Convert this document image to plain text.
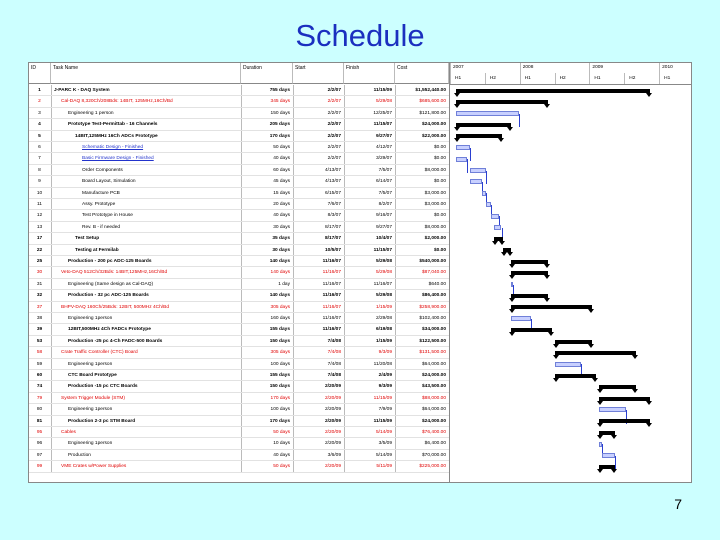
Schedule
ID	Task Name	Duration	Start	Finish	Cost
1	J-PARC K - DAQ System	755 days	2/2/07	11/15/09	$1,552,440.00
2	Cal-DAQ 8,320Ch/208Bds: 14BIT, 125MHz,16Ch/Bd	345 days	2/2/07	5/29/08	$685,600.00
3	Engineering 1 person	150 days	2/2/07	12/25/07	$121,800.00
4	Prototype Test-Permittab - 16 Channels	205 days	2/2/07	11/15/07	$24,000.00
5	14BIT,125MHz 16Ch ADCs Prototype	170 days	2/2/07	9/27/07	$22,000.00
6	Schematic Design - Finished	50 days	2/2/07	4/12/07	$0.00
7	Basic Firmware Design - Finished	40 days	2/2/07	3/29/07	$0.00
8	Order Components	60 days	4/13/07	7/5/07	$8,000.00
9	Board Layout, Simulation	45 days	4/13/07	6/14/07	$0.00
10	Manufacture PCB	15 days	6/15/07	7/5/07	$3,000.00
11	Assy. Prototype	20 days	7/6/07	8/2/07	$3,000.00
12	Test Prototype in House	40 days	8/3/07	9/16/07	$0.00
13	Rev. B - if needed	30 days	8/17/07	9/27/07	$8,000.00
17	Test Setup	35 days	8/17/07	10/4/07	$2,000.00
22	Testing at Fermilab	30 days	10/5/07	11/15/07	$0.00
25	Production - 200 pc ADC-125 Boards	140 days	11/16/07	5/29/08	$540,000.00
30	Veto-DAQ 512Ch/32Bds: 14BIT,125MHz,16Ch/Bd	140 days	11/16/07	5/29/08	$87,040.00
31	Engineering (Same design as Cal-DAQ)	1 day	11/16/07	11/16/07	$640.00
32	Production - 32 pc ADC-125 Boards	140 days	11/16/07	5/29/08	$86,400.00
37	BHPV-DAQ 160Ch/25Bds: 12BIT, 500MHz 4Ch/Bd	305 days	11/16/07	1/15/09	$258,900.00
38	Engineering 1person	160 days	11/16/07	2/29/08	$102,400.00
39	12BIT,500MHz 4Ch FADCs Prototype	155 days	11/16/07	6/19/08	$34,000.00
53	Production -25 pc 4-Ch FADC-500 Boards	150 days	7/4/08	1/15/09	$122,500.00
58	Crate Traffic Controller (CTC) Board	305 days	7/4/08	9/3/09	$131,500.00
59	Engineering 1person	100 days	7/4/08	11/20/08	$64,000.00
60	CTC Board Prototype	155 days	7/4/08	2/4/09	$24,000.00
74	Production -15 pc CTC Boards	150 days	2/20/09	9/3/09	$43,500.00
79	System Trigger Module (STM)	170 days	2/20/09	11/15/09	$88,000.00
80	Engineering 1person	100 days	2/20/09	7/9/09	$64,000.00
81	Production 2-3 pc STM Board	170 days	2/20/09	11/15/09	$24,000.00
95	Cables	50 days	2/20/09	5/14/09	$76,400.00
96	Engineering 1person	10 days	2/20/09	3/5/09	$6,400.00
97	Production	40 days	3/6/09	5/14/09	$70,000.00
99	VME Crates w/Power Supplies	50 days	2/20/09	5/11/09	$225,000.00
2007	2008	2009	2010
H1	H2	H1	H2	H1	H2	H1
7
